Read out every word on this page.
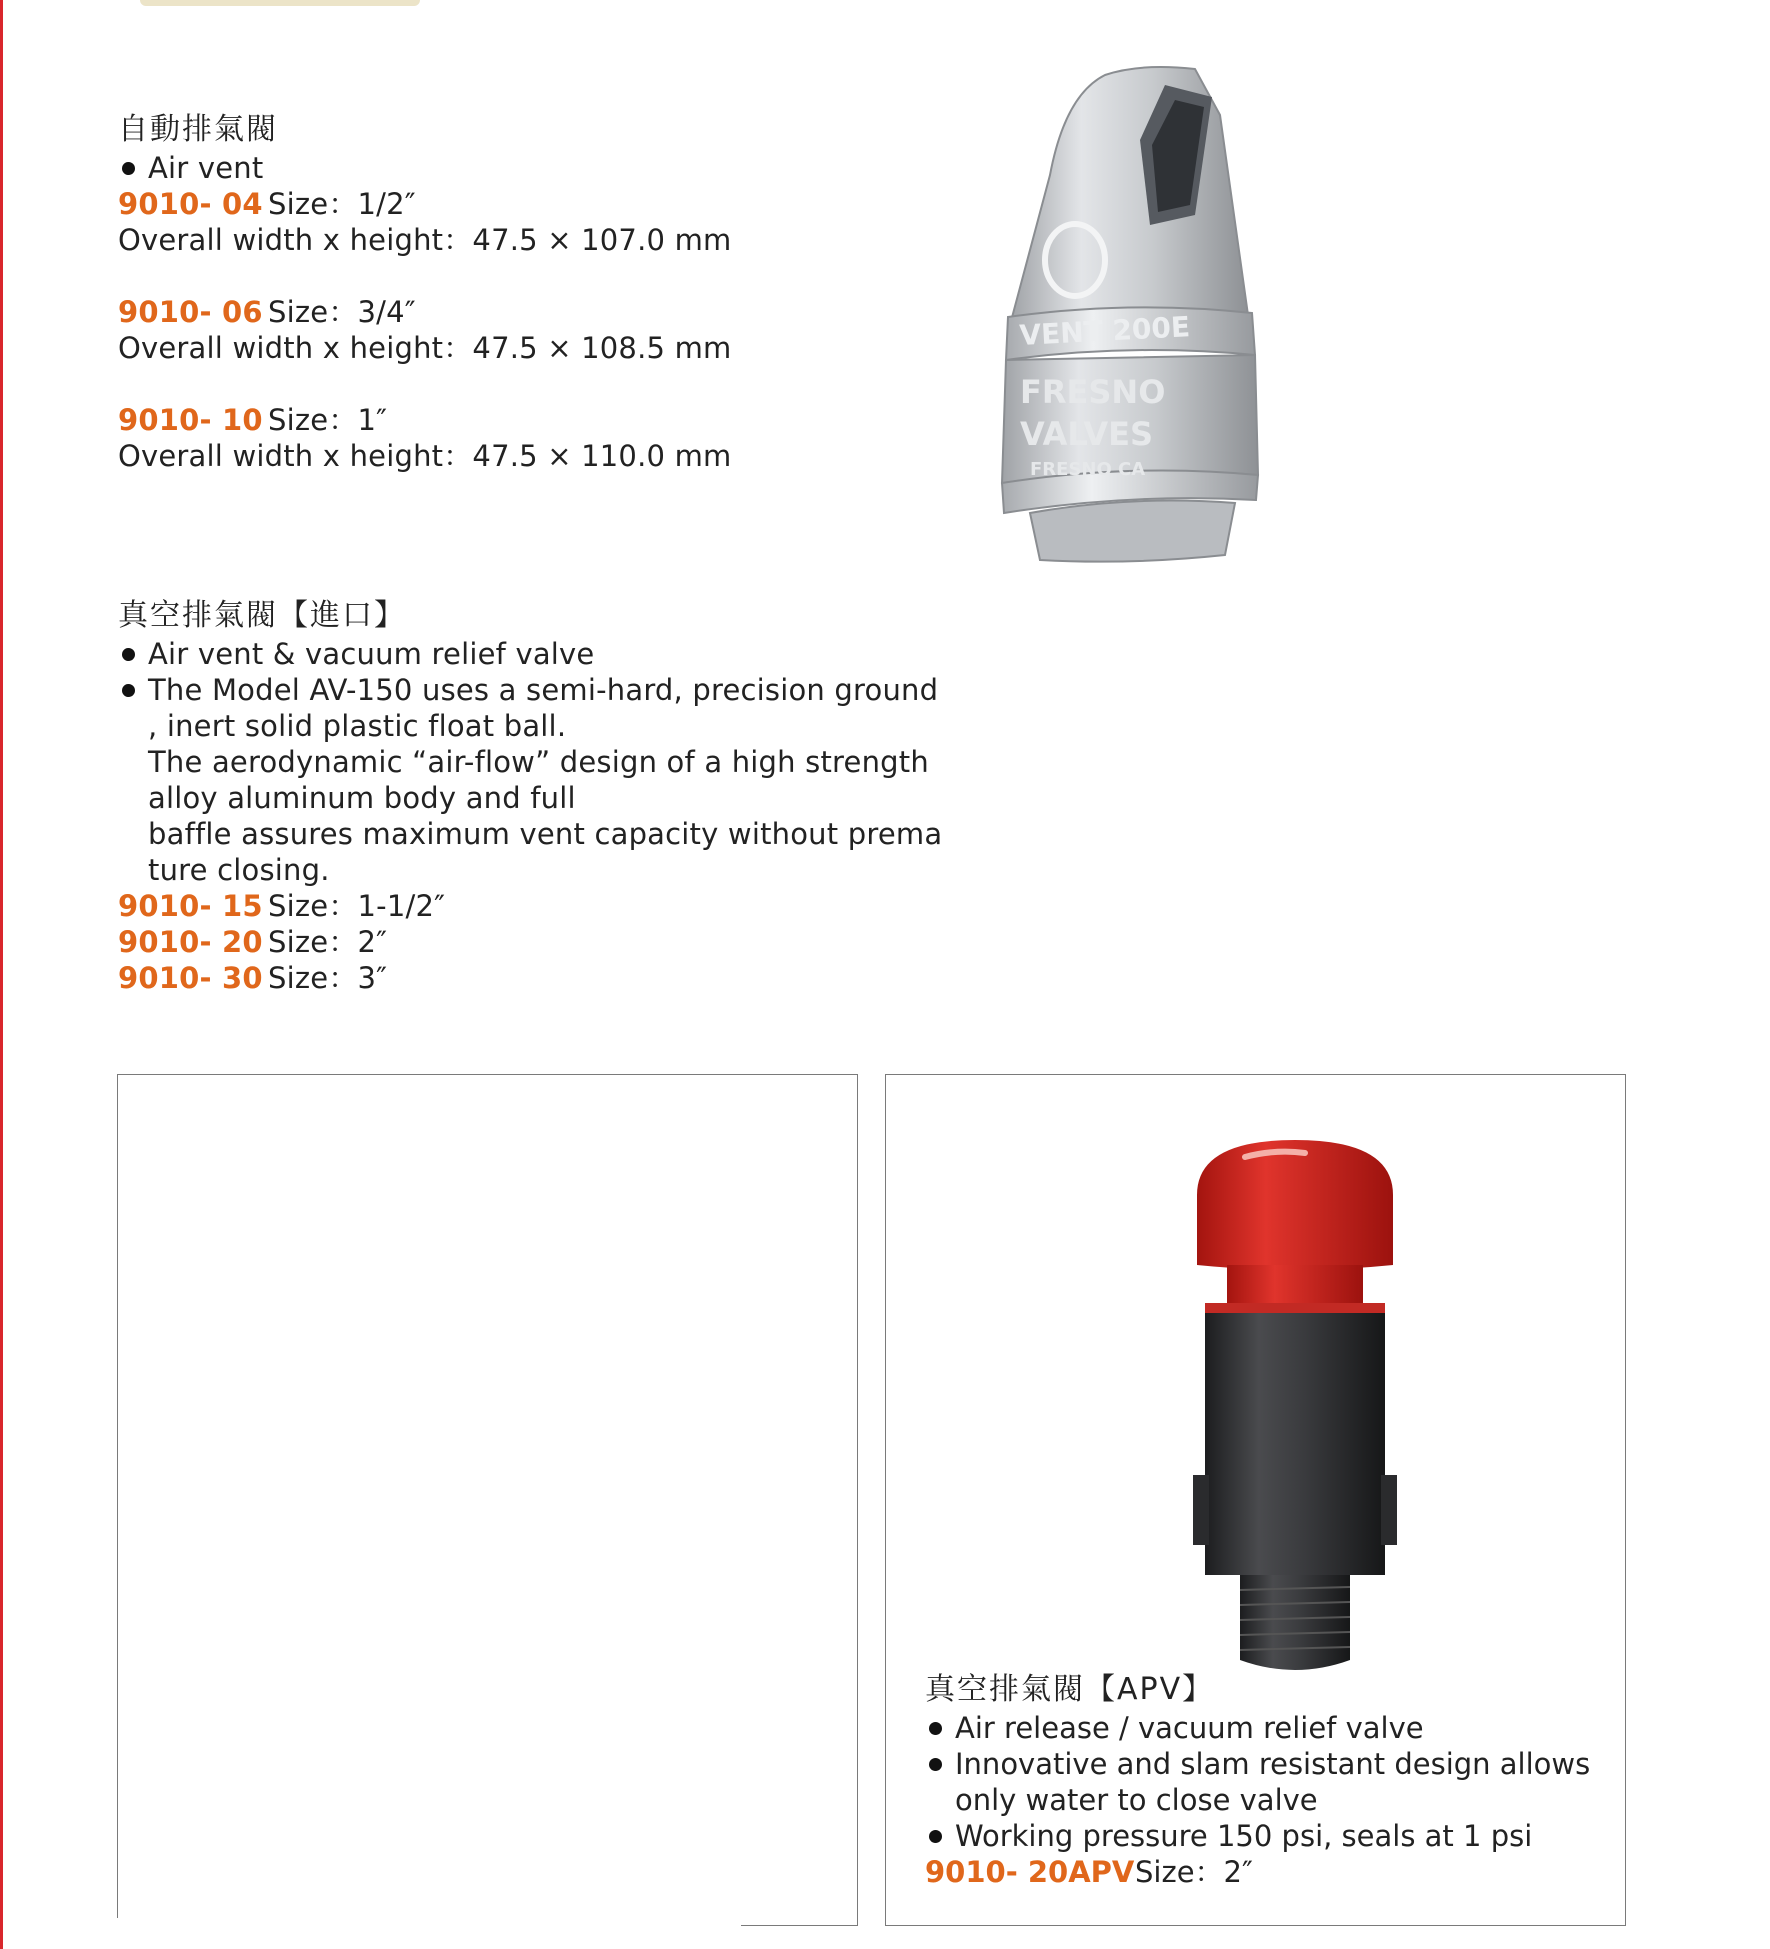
自動排氣閥
Air vent
9010- 04 Size：1/2″
Overall width x height：47.5 × 107.0 mm
9010- 06 Size：3/4″
Overall width x height：47.5 × 108.5 mm
9010- 10 Size：1″
Overall width x height：47.5 × 110.0 mm
VENT 200E
FRESNO
VALVES
FRESNO CA
真空排氣閥【進口】
Air vent & vacuum relief valve
The Model AV-150 uses a semi-hard, precision ground
, inert solid plastic float ball.
The aerodynamic “air-flow” design of a high strength
alloy aluminum body and full
baffle assures maximum vent capacity without prema
ture closing.
9010- 15 Size：1-1/2″
9010- 20 Size：2″
9010- 30 Size：3″
真空排氣閥【APV】
Air release / vacuum relief valve
Innovative and slam resistant design allows
only water to close valve
Working pressure 150 psi, seals at 1 psi
9010- 20APVSize：2″
